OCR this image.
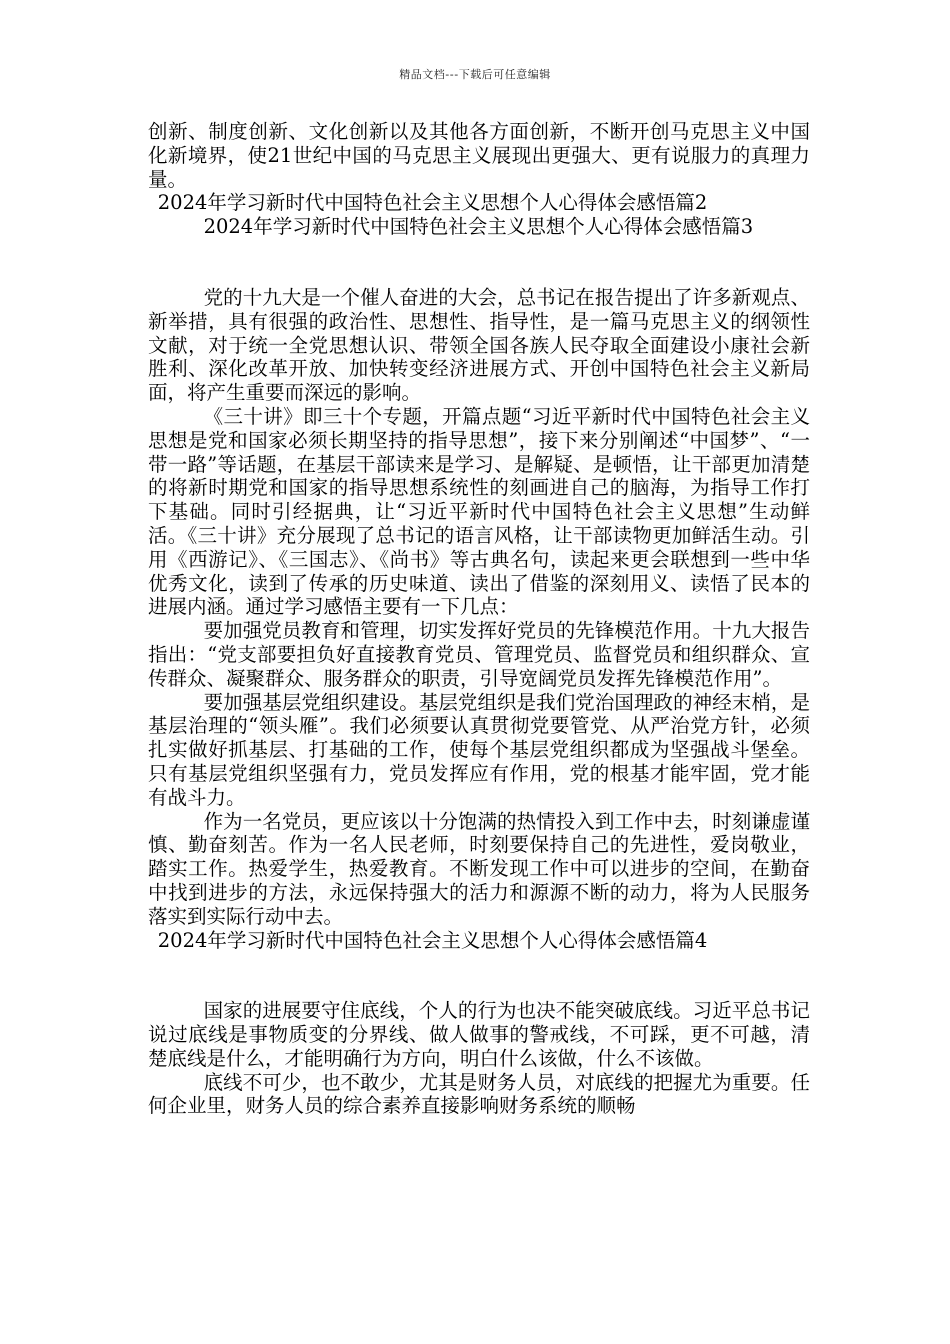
精品文档---下载后可任意编辑

创新、制度创新、文化创新以及其他各方面创新，不断开创马克思主义中国化新境界，使21世纪中国的马克思主义展现出更强大、更有说服力的真理力量。

2024年学习新时代中国特色社会主义思想个人心得体会感悟篇2

2024年学习新时代中国特色社会主义思想个人心得体会感悟篇3

党的十九大是一个催人奋进的大会，总书记在报告提出了许多新观点、新举措，具有很强的政治性、思想性、指导性，是一篇马克思主义的纲领性文献，对于统一全党思想认识、带领全国各族人民夺取全面建设小康社会新胜利、深化改革开放、加快转变经济进展方式、开创中国特色社会主义新局面，将产生重要而深远的影响。

《三十讲》即三十个专题，开篇点题“习近平新时代中国特色社会主义思想是党和国家必须长期坚持的指导思想”，接下来分别阐述“中国梦”、“一带一路”等话题，在基层干部读来是学习、是解疑、是顿悟，让干部更加清楚的将新时期党和国家的指导思想系统性的刻画进自己的脑海，为指导工作打下基础。同时引经据典，让“习近平新时代中国特色社会主义思想”生动鲜活。《三十讲》充分展现了总书记的语言风格，让干部读物更加鲜活生动。引用《西游记》、《三国志》、《尚书》等古典名句，读起来更会联想到一些中华优秀文化，读到了传承的历史味道、读出了借鉴的深刻用义、读悟了民本的进展内涵。通过学习感悟主要有一下几点：

要加强党员教育和管理，切实发挥好党员的先锋模范作用。十九大报告指出：“党支部要担负好直接教育党员、管理党员、监督党员和组织群众、宣传群众、凝聚群众、服务群众的职责，引导宽阔党员发挥先锋模范作用”。

要加强基层党组织建设。基层党组织是我们党治国理政的神经末梢，是基层治理的“领头雁”。我们必须要认真贯彻党要管党、从严治党方针，必须扎实做好抓基层、打基础的工作，使每个基层党组织都成为坚强战斗堡垒。只有基层党组织坚强有力，党员发挥应有作用，党的根基才能牢固，党才能有战斗力。

作为一名党员，更应该以十分饱满的热情投入到工作中去，时刻谦虚谨慎、勤奋刻苦。作为一名人民老师，时刻要保持自己的先进性，爱岗敬业，踏实工作。热爱学生，热爱教育。不断发现工作中可以进步的空间，在勤奋中找到进步的方法，永远保持强大的活力和源源不断的动力，将为人民服务落实到实际行动中去。

2024年学习新时代中国特色社会主义思想个人心得体会感悟篇4

国家的进展要守住底线，个人的行为也决不能突破底线。习近平总书记说过底线是事物质变的分界线、做人做事的警戒线，不可踩，更不可越，清楚底线是什么，才能明确行为方向，明白什么该做，什么不该做。

底线不可少，也不敢少，尤其是财务人员，对底线的把握尤为重要。任何企业里，财务人员的综合素养直接影响财务系统的顺畅
